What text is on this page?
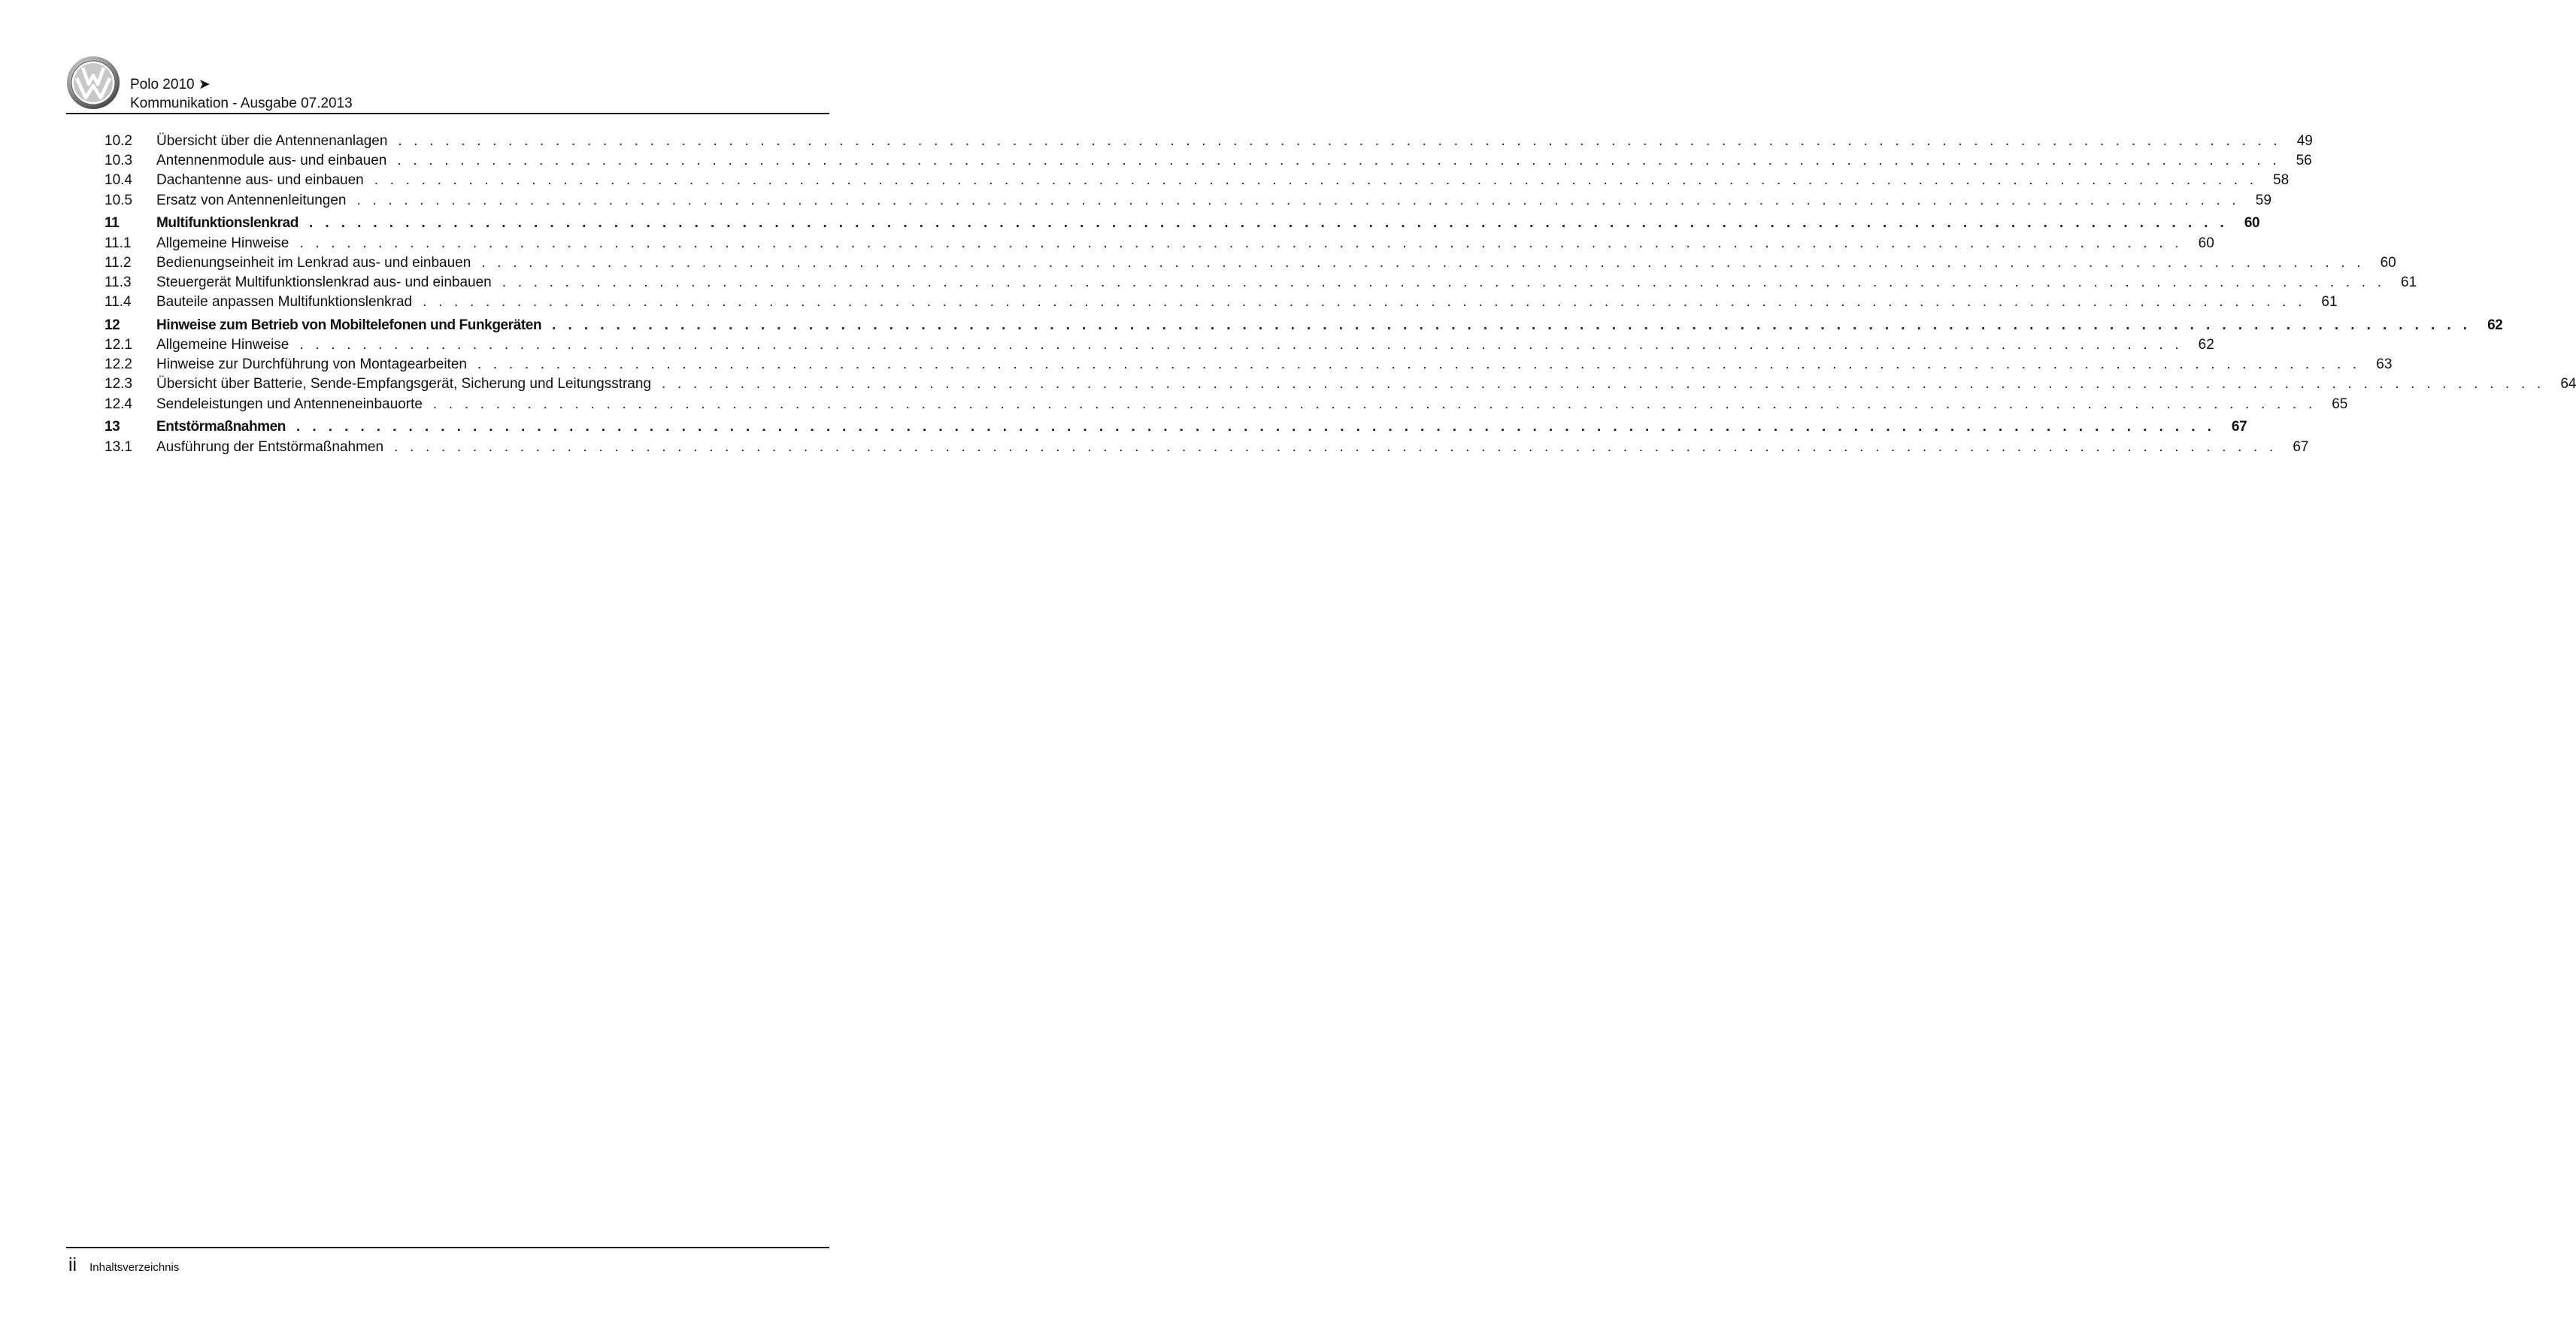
Polo 2010 ➤
Kommunikation - Ausgabe 07.2013
10.2	Übersicht über die Antennenanlagen . . . . . . . . . . . . . . . . . . . . . . . . . . . . . . . . . . . . . . . . . . . . . . . . . . . . . . . . . . . . . . . . . . . . . . . . . . . . . . . . . . . . . . . . . . . . . . . . . . . . . . . . . . . . . . . . . . . . . . . .	49
10.3	Antennenmodule aus- und einbauen . . . . . . . . . . . . . . . . . . . . . . . . . . . . . . . . . . . . . . . . . . . . . . . . . . . . . . . . . . . . . . . . . . . . . . . . . . . . . . . . . . . . . . . . . . . . . . . . . . . . . . . . . . . . . . . . . . . . . . . .	56
10.4	Dachantenne aus- und einbauen . . . . . . . . . . . . . . . . . . . . . . . . . . . . . . . . . . . . . . . . . . . . . . . . . . . . . . . . . . . . . . . . . . . . . . . . . . . . . . . . . . . . . . . . . . . . . . . . . . . . . . . . . . . . . . . . . . . . . . . .	58
10.5	Ersatz von Antennenleitungen . . . . . . . . . . . . . . . . . . . . . . . . . . . . . . . . . . . . . . . . . . . . . . . . . . . . . . . . . . . . . . . . . . . . . . . . . . . . . . . . . . . . . . . . . . . . . . . . . . . . . . . . . . . . . . . . . . . . . . . .	59
11	Multifunktionslenkrad . . . . . . . . . . . . . . . . . . . . . . . . . . . . . . . . . . . . . . . . . . . . . . . . . . . . . . . . . . . . . . . . . . . . . . . . . . . . . . . . . . . . . . . . . . . . . . . . . . . . . . . . . . . . . . . . . . . . . . . .	60
11.1	Allgemeine Hinweise . . . . . . . . . . . . . . . . . . . . . . . . . . . . . . . . . . . . . . . . . . . . . . . . . . . . . . . . . . . . . . . . . . . . . . . . . . . . . . . . . . . . . . . . . . . . . . . . . . . . . . . . . . . . . . . . . . . . . . . .	60
11.2	Bedienungseinheit im Lenkrad aus- und einbauen . . . . . . . . . . . . . . . . . . . . . . . . . . . . . . . . . . . . . . . . . . . . . . . . . . . . . . . . . . . . . . . . . . . . . . . . . . . . . . . . . . . . . . . . . . . . . . . . . . . . . . . . . . . . . . . . . . . . . . . .	60
11.3	Steuergerät Multifunktionslenkrad aus- und einbauen . . . . . . . . . . . . . . . . . . . . . . . . . . . . . . . . . . . . . . . . . . . . . . . . . . . . . . . . . . . . . . . . . . . . . . . . . . . . . . . . . . . . . . . . . . . . . . . . . . . . . . . . . . . . . . . . . . . . . . . .	61
11.4	Bauteile anpassen Multifunktionslenkrad . . . . . . . . . . . . . . . . . . . . . . . . . . . . . . . . . . . . . . . . . . . . . . . . . . . . . . . . . . . . . . . . . . . . . . . . . . . . . . . . . . . . . . . . . . . . . . . . . . . . . . . . . . . . . . . . . . . . . . . .	61
12	Hinweise zum Betrieb von Mobiltelefonen und Funkgeräten . . . . . . . . . . . . . . . . . . . . . . . . . . . . . . . . . . . . . . . . . . . . . . . . . . . . . . . . . . . . . . . . . . . . . . . . . . . . . . . . . . . . . . . . . . . . . . . . . . . . . . . . . . . . . . . . . . . . . . . .	62
12.1	Allgemeine Hinweise . . . . . . . . . . . . . . . . . . . . . . . . . . . . . . . . . . . . . . . . . . . . . . . . . . . . . . . . . . . . . . . . . . . . . . . . . . . . . . . . . . . . . . . . . . . . . . . . . . . . . . . . . . . . . . . . . . . . . . . .	62
12.2	Hinweise zur Durchführung von Montagearbeiten . . . . . . . . . . . . . . . . . . . . . . . . . . . . . . . . . . . . . . . . . . . . . . . . . . . . . . . . . . . . . . . . . . . . . . . . . . . . . . . . . . . . . . . . . . . . . . . . . . . . . . . . . . . . . . . . . . . . . . . .	63
12.3	Übersicht über Batterie, Sende-Empfangsgerät, Sicherung und Leitungsstrang . . . . . . . . . . . . . . . . . . . . . . . . . . . . . . . . . . . . . . . . . . . . . . . . . . . . . . . . . . . . . . . . . . . . . . . . . . . . . . . . . . . . . . . . . . . . . . . . . . . . . . . . . . . . . . . . . . . . . . . .	64
12.4	Sendeleistungen und Antenneneinbauorte . . . . . . . . . . . . . . . . . . . . . . . . . . . . . . . . . . . . . . . . . . . . . . . . . . . . . . . . . . . . . . . . . . . . . . . . . . . . . . . . . . . . . . . . . . . . . . . . . . . . . . . . . . . . . . . . . . . . . . . .	65
13	Entstörmaßnahmen . . . . . . . . . . . . . . . . . . . . . . . . . . . . . . . . . . . . . . . . . . . . . . . . . . . . . . . . . . . . . . . . . . . . . . . . . . . . . . . . . . . . . . . . . . . . . . . . . . . . . . . . . . . . . . . . . . . . . . . .	67
13.1	Ausführung der Entstörmaßnahmen . . . . . . . . . . . . . . . . . . . . . . . . . . . . . . . . . . . . . . . . . . . . . . . . . . . . . . . . . . . . . . . . . . . . . . . . . . . . . . . . . . . . . . . . . . . . . . . . . . . . . . . . . . . . . . . . . . . . . . . .	67
ii Inhaltsverzeichnis
